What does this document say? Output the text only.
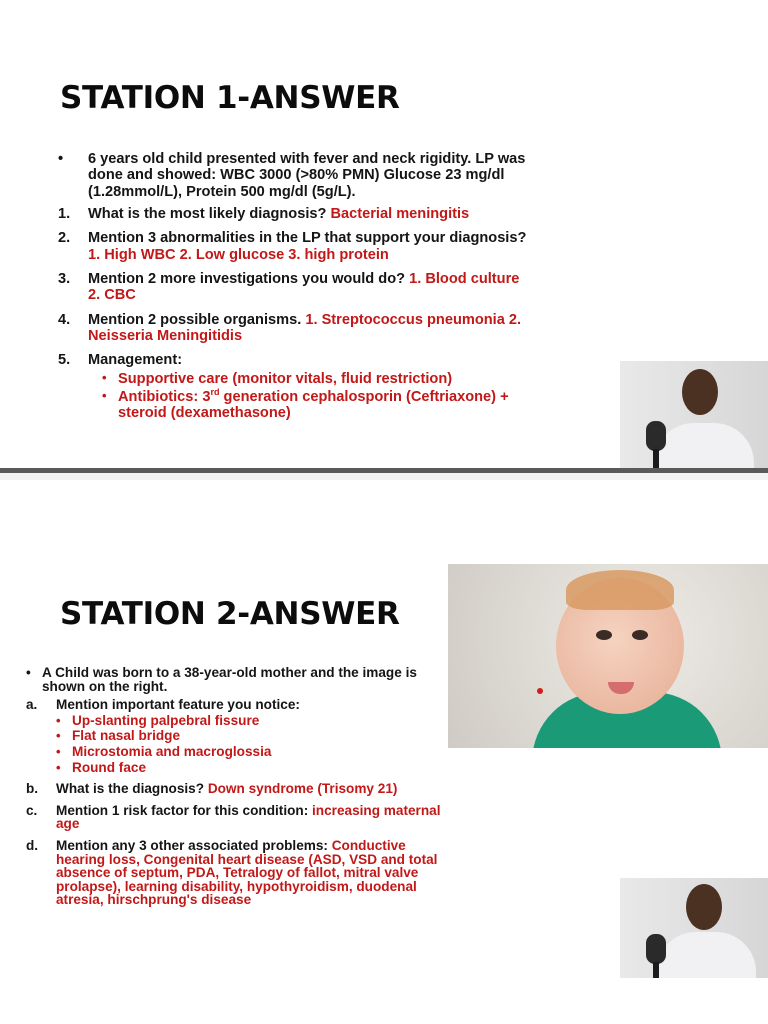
STATION 1-ANSWER
• 6 years old child presented with fever and neck rigidity. LP was done and showed: WBC 3000 (>80% PMN) Glucose 23 mg/dl (1.28mmol/L), Protein 500 mg/dl (5g/L).
1. What is the most likely diagnosis? Bacterial meningitis
2. Mention 3 abnormalities in the LP that support your diagnosis? 1. High WBC 2. Low glucose 3. high protein
3. Mention 2 more investigations you would do? 1. Blood culture 2. CBC
4. Mention 2 possible organisms. 1. Streptococcus pneumonia 2. Neisseria Meningitidis
5. Management:
• Supportive care (monitor vitals, fluid restriction)
• Antibiotics: 3rd generation cephalosporin (Ceftriaxone) + steroid (dexamethasone)
STATION 2-ANSWER
• A Child was born to a 38-year-old mother and the image is shown on the right.
a. Mention important feature you notice:
• Up-slanting palpebral fissure
• Flat nasal bridge
• Microstomia and macroglossia
• Round face
b. What is the diagnosis? Down syndrome (Trisomy 21)
c. Mention 1 risk factor for this condition: increasing maternal age
d. Mention any 3 other associated problems: Conductive hearing loss, Congenital heart disease (ASD, VSD and total absence of septum, PDA, Tetralogy of fallot, mitral valve prolapse), learning disability, hypothyroidism, duodenal atresia, hirschprung's disease
